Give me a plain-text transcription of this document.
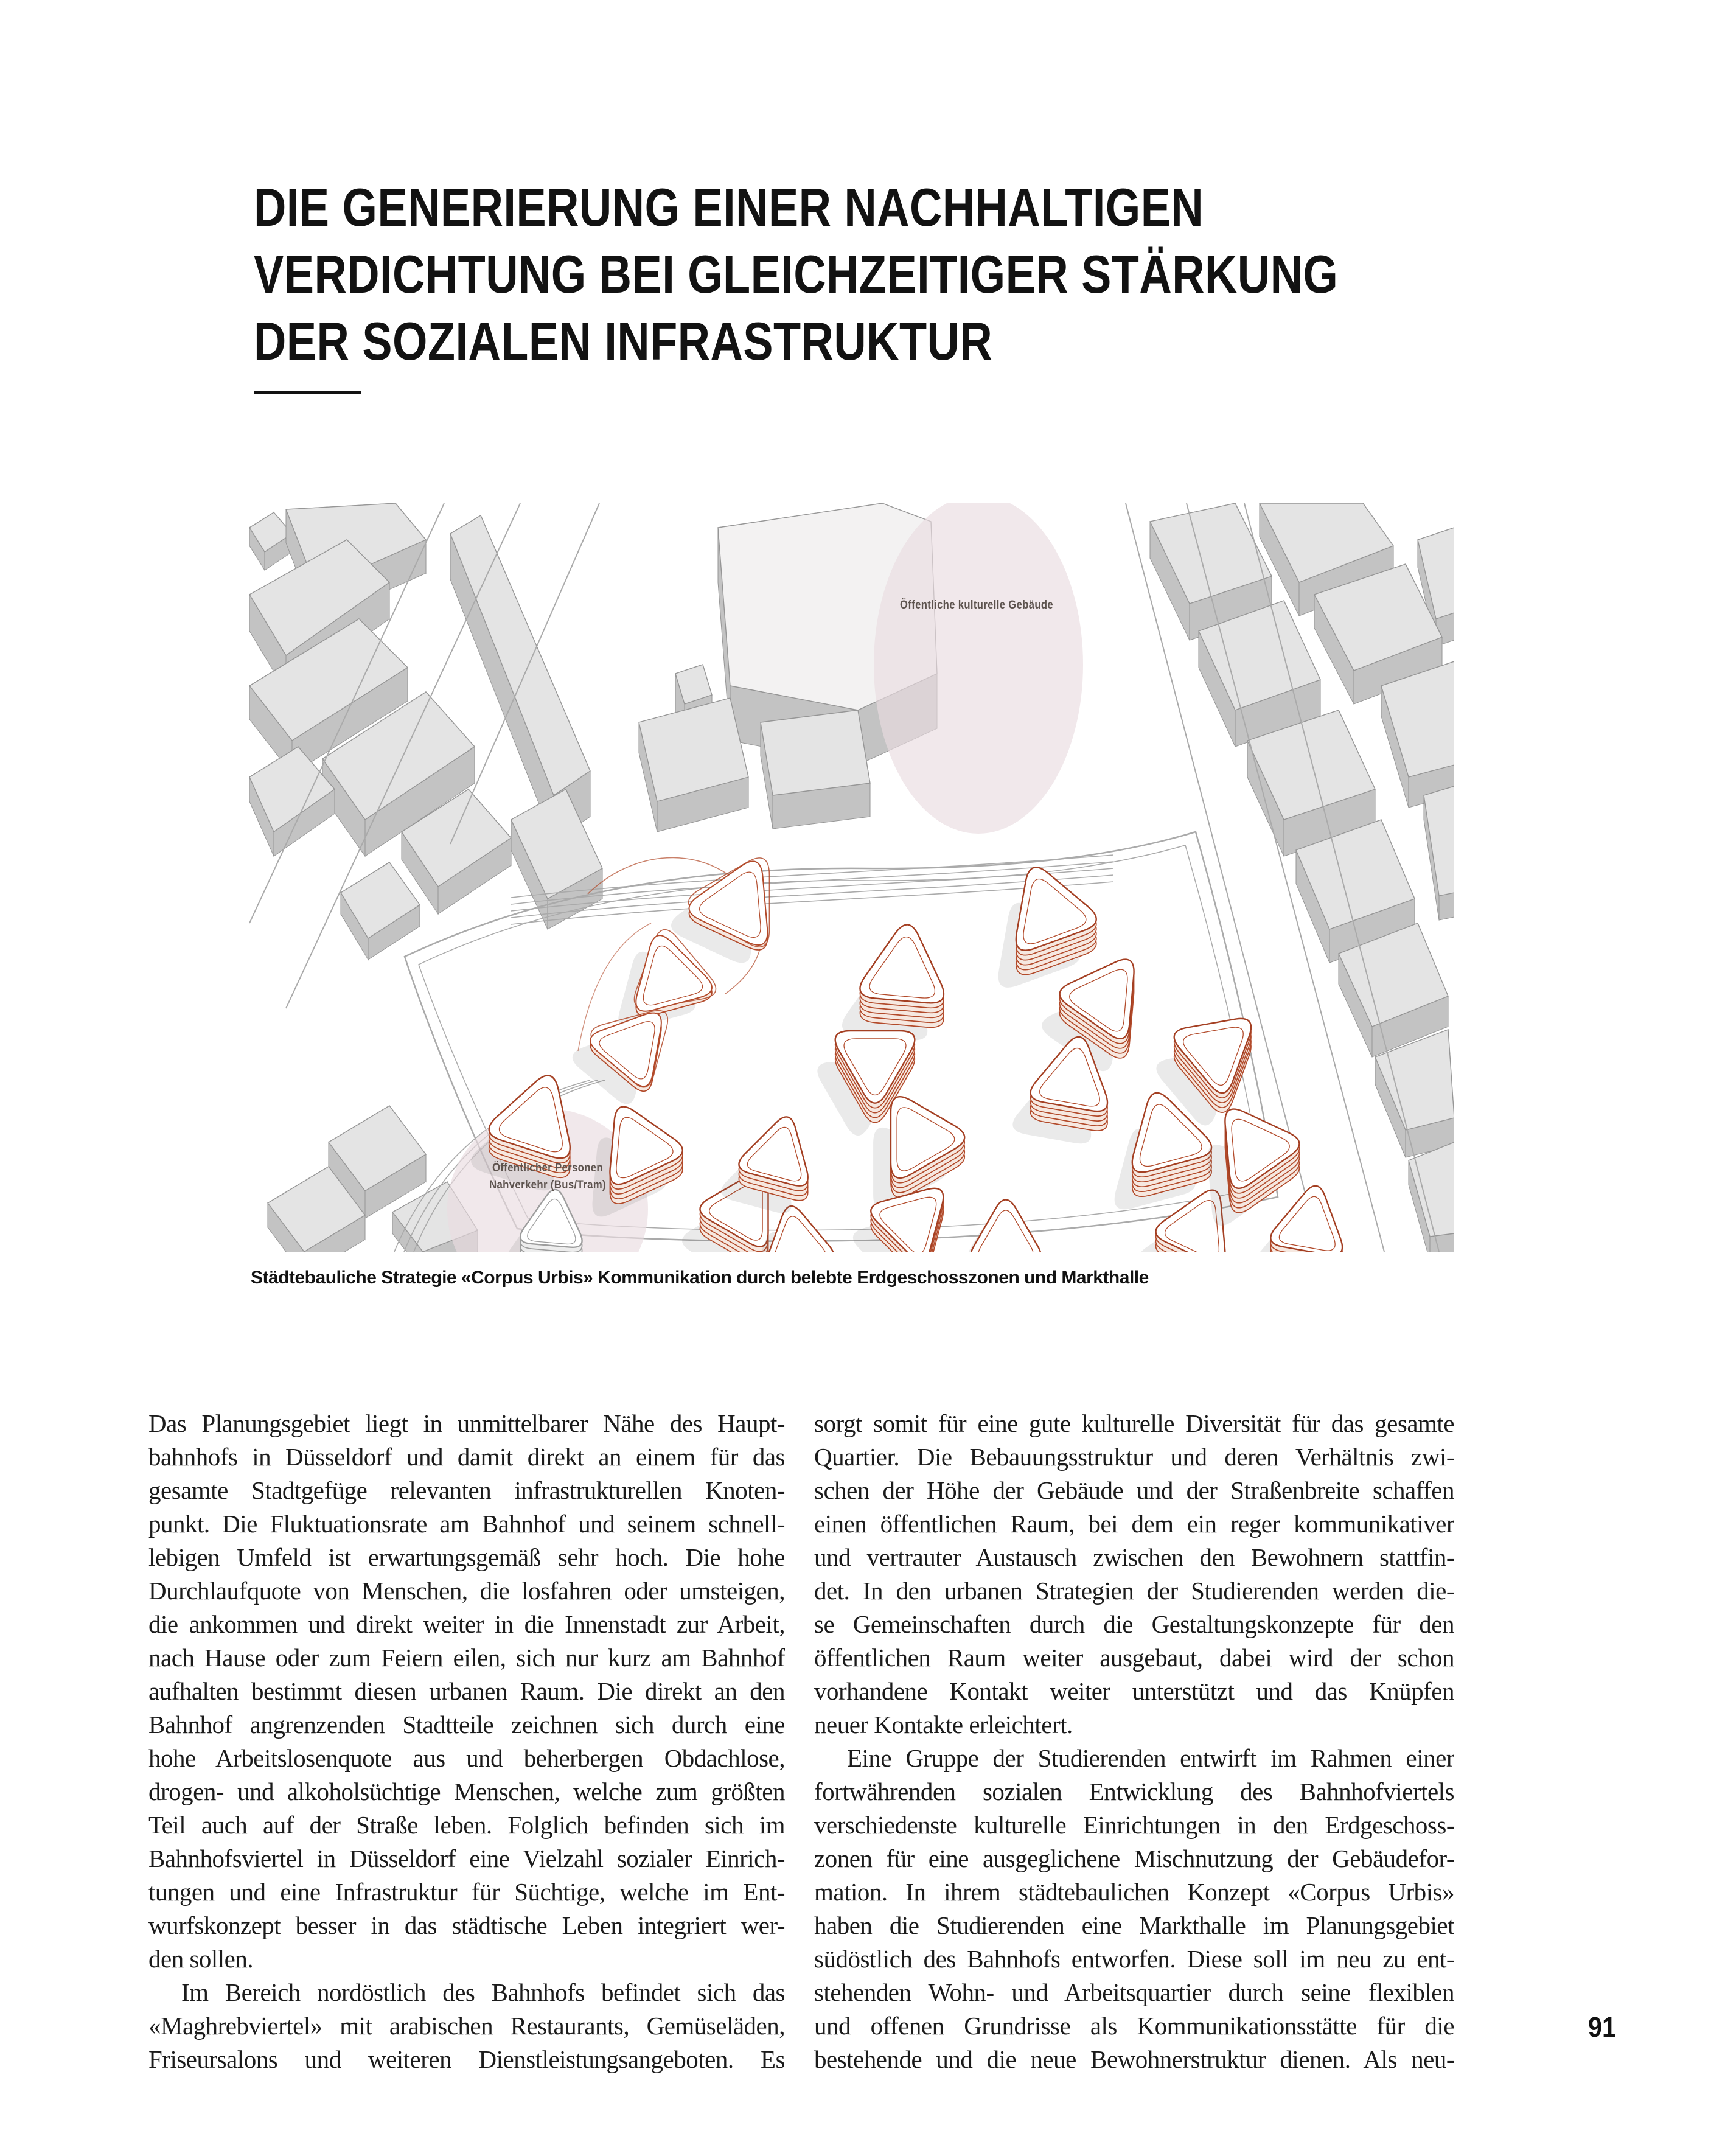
DIE GENERIERUNG EINER NACHHALTIGEN
VERDICHTUNG BEI GLEICHZEITIGER STÄRKUNG
DER SOZIALEN INFRASTRUKTUR
Öffentliche kulturelle Gebäude
Öffentlicher Personen
Nahverkehr (Bus/Tram)
Städtebauliche Strategie «Corpus Urbis» Kommunikation durch belebte Erdgeschosszonen und Markthalle
Das Planungsgebiet liegt in unmittelbarer Nähe des Haupt-
bahnhofs in Düsseldorf und damit direkt an einem für das
gesamte Stadtgefüge relevanten infrastrukturellen Knoten-
punkt. Die Fluktuationsrate am Bahnhof und seinem schnell-
lebigen Umfeld ist erwartungsgemäß sehr hoch. Die hohe
Durchlaufquote von Menschen, die losfahren oder umsteigen,
die ankommen und direkt weiter in die Innenstadt zur Arbeit,
nach Hause oder zum Feiern eilen, sich nur kurz am Bahnhof
aufhalten bestimmt diesen urbanen Raum. Die direkt an den
Bahnhof angrenzenden Stadtteile zeichnen sich durch eine
hohe Arbeitslosenquote aus und beherbergen Obdachlose,
drogen- und alkoholsüchtige Menschen, welche zum größten
Teil auch auf der Straße leben. Folglich befinden sich im
Bahnhofsviertel in Düsseldorf eine Vielzahl sozialer Einrich-
tungen und eine Infrastruktur für Süchtige, welche im Ent-
wurfskonzept besser in das städtische Leben integriert wer-
den sollen.
Im Bereich nordöstlich des Bahnhofs befindet sich das
«Maghrebviertel» mit arabischen Restaurants, Gemüseläden,
Friseursalons und weiteren Dienstleistungsangeboten. Es
sorgt somit für eine gute kulturelle Diversität für das gesamte
Quartier. Die Bebauungsstruktur und deren Verhältnis zwi-
schen der Höhe der Gebäude und der Straßenbreite schaffen
einen öffentlichen Raum, bei dem ein reger kommunikativer
und vertrauter Austausch zwischen den Bewohnern stattfin-
det. In den urbanen Strategien der Studierenden werden die-
se Gemeinschaften durch die Gestaltungskonzepte für den
öffentlichen Raum weiter ausgebaut, dabei wird der schon
vorhandene Kontakt weiter unterstützt und das Knüpfen
neuer Kontakte erleichtert.
Eine Gruppe der Studierenden entwirft im Rahmen einer
fortwährenden sozialen Entwicklung des Bahnhofviertels
verschiedenste kulturelle Einrichtungen in den Erdgeschoss-
zonen für eine ausgeglichene Mischnutzung der Gebäudefor-
mation. In ihrem städtebaulichen Konzept «Corpus Urbis»
haben die Studierenden eine Markthalle im Planungsgebiet
südöstlich des Bahnhofs entworfen. Diese soll im neu zu ent-
stehenden Wohn- und Arbeitsquartier durch seine flexiblen
und offenen Grundrisse als Kommunikationsstätte für die
bestehende und die neue Bewohnerstruktur dienen. Als neu-
91
